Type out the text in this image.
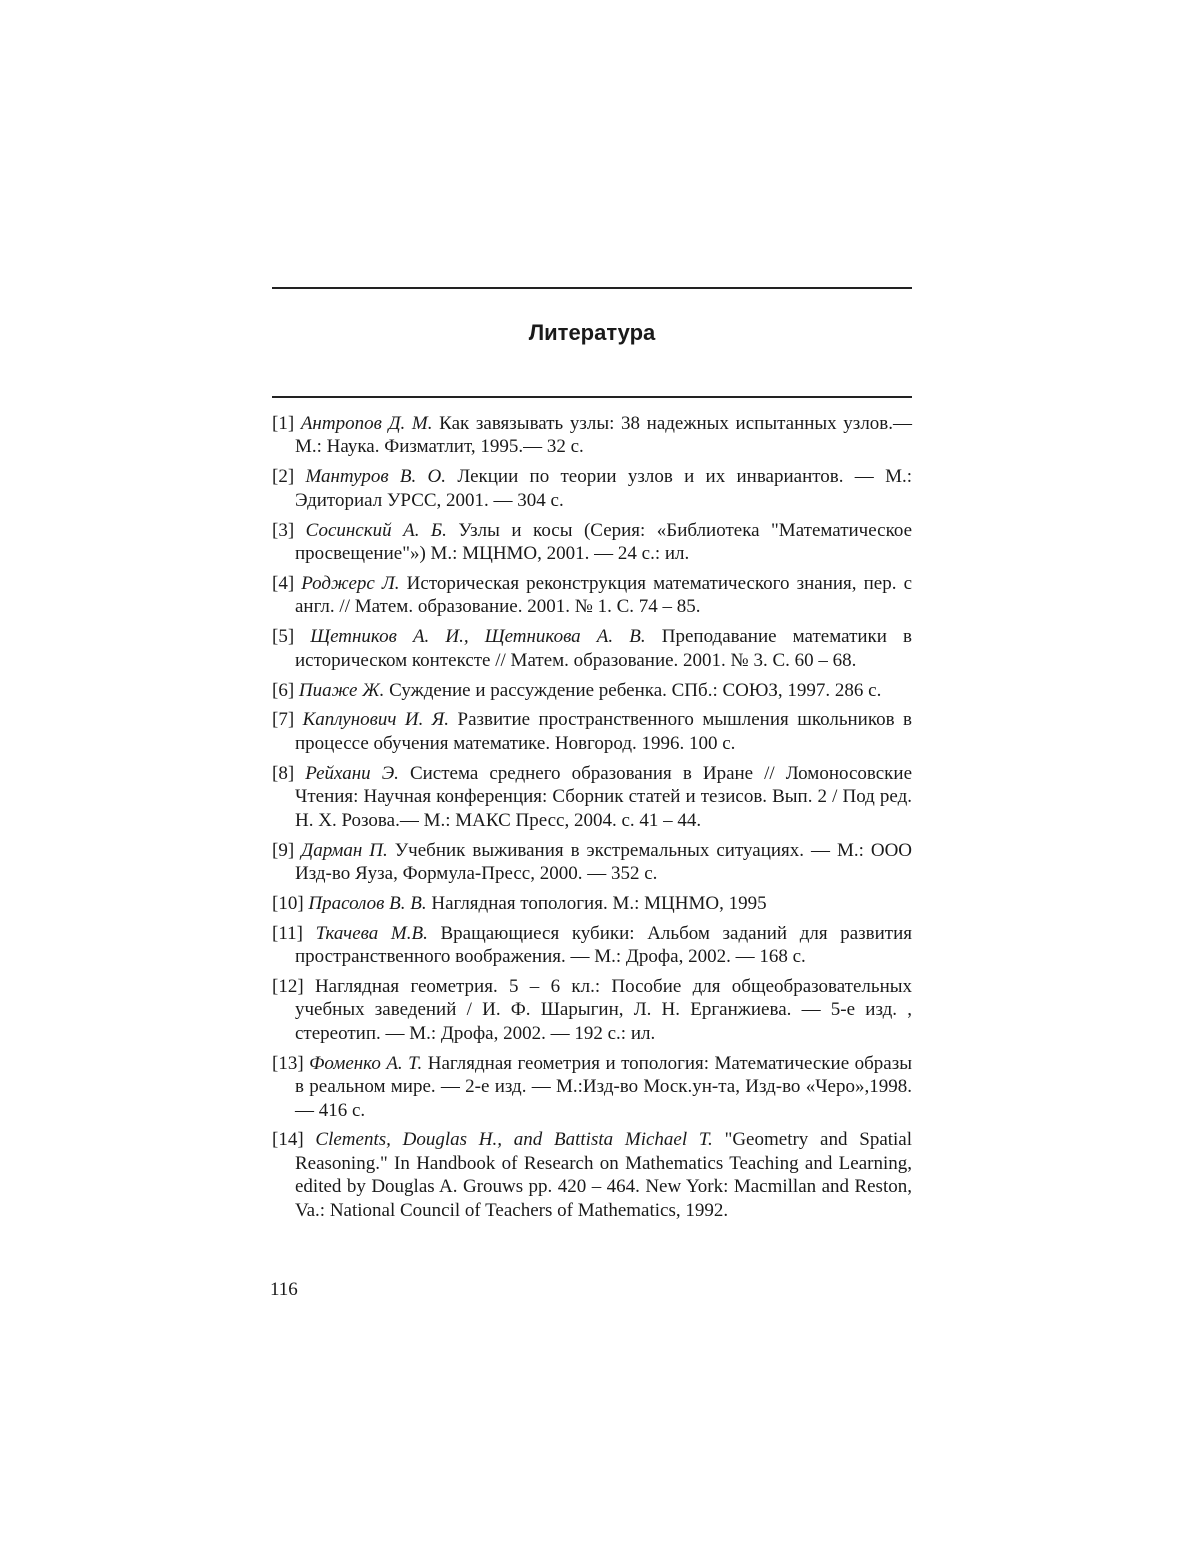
Литература
[1] Антропов Д. М. Как завязывать узлы: 38 надежных испытанных узлов.— М.: Наука. Физматлит, 1995.— 32 с.
[2] Мантуров В. О. Лекции по теории узлов и их инвариантов. — М.: Эдиториал УРСС, 2001. — 304 с.
[3] Сосинский А. Б. Узлы и косы (Серия: «Библиотека "Математическое просвещение"») М.: МЦНМО, 2001. — 24 с.: ил.
[4] Роджерс Л. Историческая реконструкция математического знания, пер. с англ. // Матем. образование. 2001. № 1. С. 74 – 85.
[5] Щетников А. И., Щетникова А. В. Преподавание математики в историческом контексте // Матем. образование. 2001. № 3. С. 60 – 68.
[6] Пиаже Ж. Суждение и рассуждение ребенка. СПб.: СОЮЗ, 1997. 286 с.
[7] Каплунович И. Я. Развитие пространственного мышления школьников в процессе обучения математике. Новгород. 1996. 100 с.
[8] Рейхани Э. Система среднего образования в Иране // Ломоносовские Чтения: Научная конференция: Сборник статей и тезисов. Вып. 2 / Под ред. Н. Х. Розова.— М.: МАКС Пресс, 2004. с. 41 – 44.
[9] Дарман П. Учебник выживания в экстремальных ситуациях. — М.: ООО Изд-во Яуза, Формула-Пресс, 2000. — 352 с.
[10] Прасолов В. В. Наглядная топология. М.: МЦНМО, 1995
[11] Ткачева М.В. Вращающиеся кубики: Альбом заданий для развития пространственного воображения. — М.: Дрофа, 2002. — 168 с.
[12] Наглядная геометрия. 5 – 6 кл.: Пособие для общеобразовательных учебных заведений / И. Ф. Шарыгин, Л. Н. Ерганжиева. — 5-е изд. , стереотип. — М.: Дрофа, 2002. — 192 с.: ил.
[13] Фоменко А. Т. Наглядная геометрия и топология: Математические образы в реальном мире. — 2-е изд. — М.:Изд-во Моск.ун-та, Изд-во «Черо»,1998. — 416 с.
[14] Clements, Douglas H., and Battista Michael T. "Geometry and Spatial Reasoning." In Handbook of Research on Mathematics Teaching and Learning, edited by Douglas A. Grouws pp. 420 – 464. New York: Macmillan and Reston, Va.: National Council of Teachers of Mathematics, 1992.
116
